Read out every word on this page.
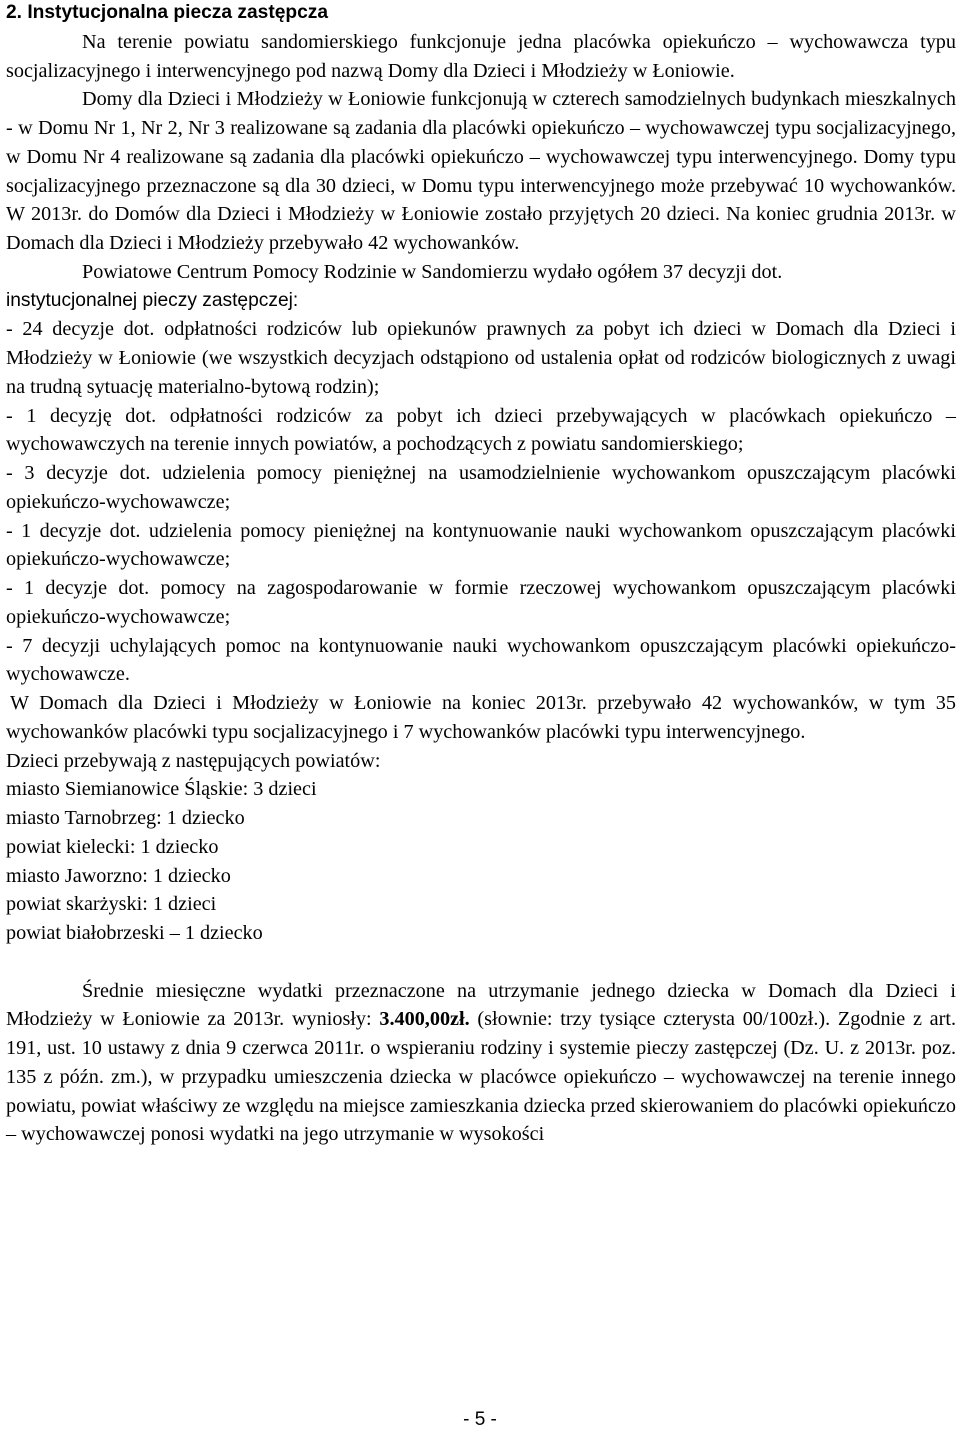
2. Instytucjonalna piecza zastępcza

Na terenie powiatu sandomierskiego funkcjonuje jedna placówka opiekuńczo – wychowawcza typu socjalizacyjnego i interwencyjnego pod nazwą Domy dla Dzieci i Młodzieży w Łoniowie.

Domy dla Dzieci i Młodzieży w Łoniowie funkcjonują w czterech samodzielnych budynkach mieszkalnych - w Domu Nr 1, Nr 2, Nr 3 realizowane są zadania dla placówki opiekuńczo – wychowawczej typu socjalizacyjnego, w Domu Nr 4 realizowane są zadania dla placówki opiekuńczo – wychowawczej typu interwencyjnego. Domy typu socjalizacyjnego przeznaczone są dla 30 dzieci, w Domu typu interwencyjnego może przebywać 10 wychowanków. W 2013r. do Domów dla Dzieci i Młodzieży w Łoniowie zostało przyjętych 20 dzieci. Na koniec grudnia 2013r. w Domach dla Dzieci i Młodzieży przebywało 42 wychowanków.

Powiatowe Centrum Pomocy Rodzinie w Sandomierzu wydało ogółem 37 decyzji dot.

instytucjonalnej pieczy zastępczej:

- 24 decyzje dot. odpłatności rodziców lub opiekunów prawnych za pobyt ich dzieci w Domach dla Dzieci i Młodzieży w Łoniowie (we wszystkich decyzjach odstąpiono od ustalenia opłat od rodziców biologicznych z uwagi na trudną sytuację materialno-bytową rodzin);

- 1 decyzję dot. odpłatności rodziców za pobyt ich dzieci przebywających w placówkach opiekuńczo – wychowawczych na terenie innych powiatów, a pochodzących z powiatu sandomierskiego;

- 3 decyzje dot. udzielenia pomocy pieniężnej na usamodzielnienie wychowankom opuszczającym placówki opiekuńczo-wychowawcze;

- 1 decyzje dot. udzielenia pomocy pieniężnej na kontynuowanie nauki wychowankom opuszczającym placówki opiekuńczo-wychowawcze;

- 1 decyzje dot. pomocy na zagospodarowanie w formie rzeczowej wychowankom opuszczającym placówki opiekuńczo-wychowawcze;

- 7 decyzji uchylających pomoc na kontynuowanie nauki wychowankom opuszczającym placówki opiekuńczo-wychowawcze.

W Domach dla Dzieci i Młodzieży w Łoniowie na koniec 2013r. przebywało 42 wychowanków, w tym 35 wychowanków placówki typu socjalizacyjnego i 7 wychowanków placówki typu interwencyjnego.

Dzieci przebywają z następujących powiatów:

miasto Siemianowice Śląskie: 3 dzieci

miasto Tarnobrzeg: 1 dziecko

powiat kielecki: 1 dziecko

miasto Jaworzno: 1 dziecko

powiat skarżyski: 1 dzieci

powiat białobrzeski – 1 dziecko

Średnie miesięczne wydatki przeznaczone na utrzymanie jednego dziecka w Domach dla Dzieci i Młodzieży w Łoniowie za 2013r. wyniosły: 3.400,00zł. (słownie: trzy tysiące czterysta 00/100zł.). Zgodnie z art. 191, ust. 10 ustawy z dnia 9 czerwca 2011r. o wspieraniu rodziny i systemie pieczy zastępczej (Dz. U. z 2013r. poz. 135 z późn. zm.), w przypadku umieszczenia dziecka w placówce opiekuńczo – wychowawczej na terenie innego powiatu, powiat właściwy ze względu na miejsce zamieszkania dziecka przed skierowaniem do placówki opiekuńczo – wychowawczej ponosi wydatki na jego utrzymanie w wysokości

- 5 -
